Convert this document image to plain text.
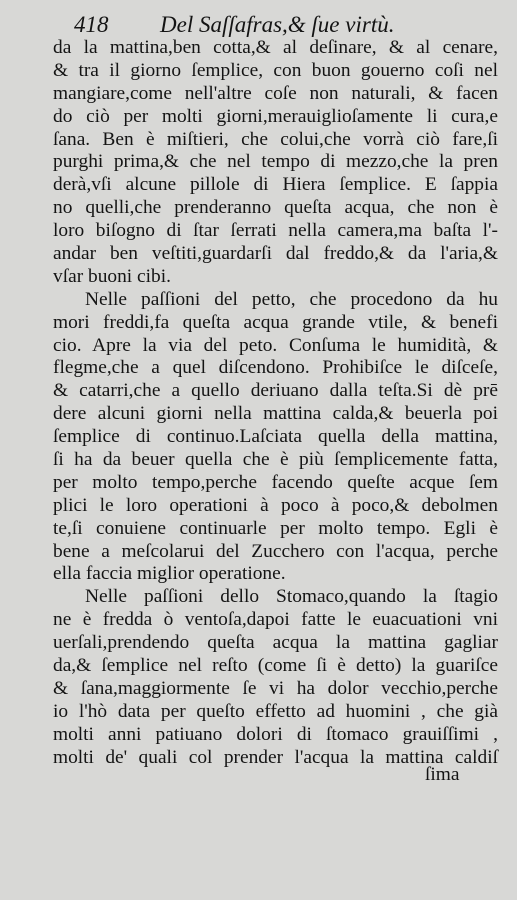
418 Del Saſſafras,& ſue virtù.
da la mattina,ben cotta,& al deſinare, & al cenare,
& tra il giorno ſemplice, con buon gouerno coſi nel
mangiare,come nell'altre coſe non naturali, & facen
do ciò per molti giorni,merauiglioſamente li cura,e
ſana. Ben è miſtieri, che colui,che vorrà ciò fare,ſi
purghi prima,& che nel tempo di mezzo,che la pren
derà,vſi alcune pillole di Hiera ſemplice. E ſappia
no quelli,che prenderanno queſta acqua, che non è
loro biſogno di ſtar ſerrati nella camera,ma baſta l'-
andar ben veſtiti,guardarſi dal freddo,& da l'aria,&
vſar buoni cibi.
Nelle paſſioni del petto, che procedono da hu
mori freddi,fa queſta acqua grande vtile, & benefi
cio. Apre la via del peto. Conſuma le humidità, &
flegme,che a quel diſcendono. Prohibiſce le diſceſe,
& catarri,che a quello deriuano dalla teſta.Si dè prē
dere alcuni giorni nella mattina calda,& beuerla poi
ſemplice di continuo.Laſciata quella della mattina,
ſi ha da beuer quella che è più ſemplicemente fatta,
per molto tempo,perche facendo queſte acque ſem
plici le loro operationi à poco à poco,& debolmen
te,ſi conuiene continuarle per molto tempo. Egli è
bene a meſcolarui del Zucchero con l'acqua, perche
ella faccia miglior operatione.
Nelle paſſioni dello Stomaco,quando la ſtagio
ne è fredda ò ventoſa,dapoi fatte le euacuationi vni
uerſali,prendendo queſta acqua la mattina gagliar
da,& ſemplice nel reſto (come ſi è detto) la guariſce
& ſana,maggiormente ſe vi ha dolor vecchio,perche
io l'hò data per queſto effetto ad huomini , che già
molti anni patiuano dolori di ſtomaco grauiſſimi ,
molti de' quali col prender l'acqua la mattina caldiſ
ſima
